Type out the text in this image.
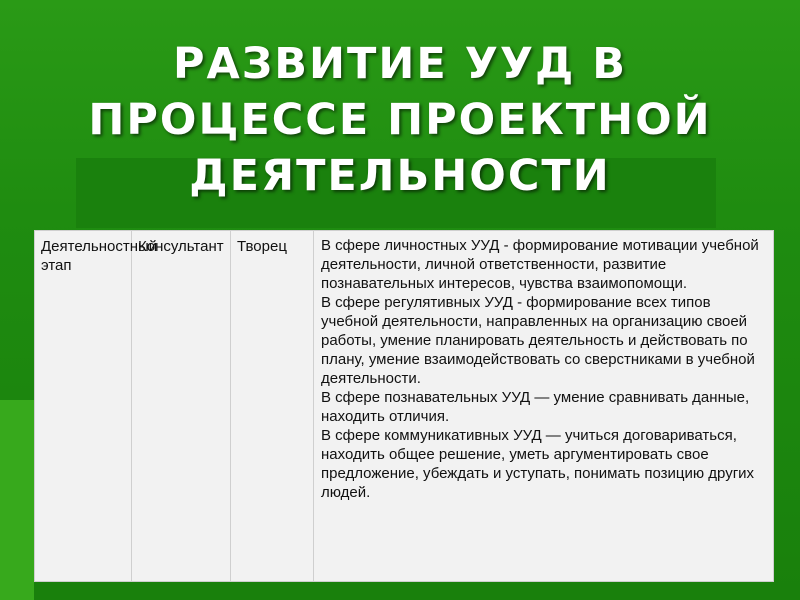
РАЗВИТИЕ УУД В ПРОЦЕССЕ ПРОЕКТНОЙ ДЕЯТЕЛЬНОСТИ
Деятельностный этап	Консультант	Творец	В сфере личностных УУД - формирование мотивации учебной деятельности, личной ответственности, развитие познавательных интересов, чувства взаимопомощи.
В сфере регулятивных УУД - формирование всех типов учебной деятельности, направленных на организацию своей работы, умение планировать деятельность и действовать по плану, умение взаимодействовать со сверстниками в учебной деятельности.
В сфере познавательных УУД — умение сравнивать данные, находить отличия.
В сфере коммуникативных УУД — учиться договариваться, находить общее решение, уметь аргументировать свое предложение, убеждать и уступать, понимать позицию других людей.
